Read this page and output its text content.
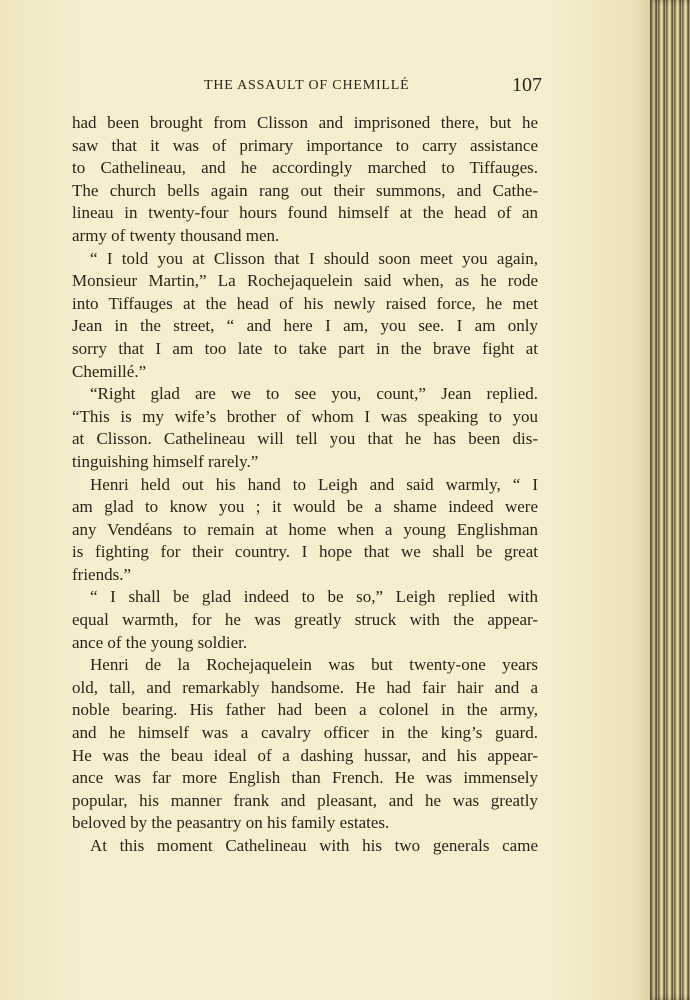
THE ASSAULT OF CHEMILLÉ	107
had been brought from Clisson and imprisoned there, but he
saw that it was of primary importance to carry assistance
to Cathelineau, and he accordingly marched to Tiffauges.
The church bells again rang out their summons, and Cathe-
lineau in twenty-four hours found himself at the head of an
army of twenty thousand men.
“ I told you at Clisson that I should soon meet you again,
Monsieur Martin,” La Rochejaquelein said when, as he rode
into Tiffauges at the head of his newly raised force, he met
Jean in the street, “ and here I am, you see. I am only
sorry that I am too late to take part in the brave fight at
Chemillé.”
“Right glad are we to see you, count,” Jean replied.
“This is my wife’s brother of whom I was speaking to you
at Clisson. Cathelineau will tell you that he has been dis-
tinguishing himself rarely.”
Henri held out his hand to Leigh and said warmly, “ I
am glad to know you ; it would be a shame indeed were
any Vendéans to remain at home when a young Englishman
is fighting for their country. I hope that we shall be great
friends.”
“ I shall be glad indeed to be so,” Leigh replied with
equal warmth, for he was greatly struck with the appear-
ance of the young soldier.
Henri de la Rochejaquelein was but twenty-one years
old, tall, and remarkably handsome. He had fair hair and a
noble bearing. His father had been a colonel in the army,
and he himself was a cavalry officer in the king’s guard.
He was the beau ideal of a dashing hussar, and his appear-
ance was far more English than French. He was immensely
popular, his manner frank and pleasant, and he was greatly
beloved by the peasantry on his family estates.
At this moment Cathelineau with his two generals came
